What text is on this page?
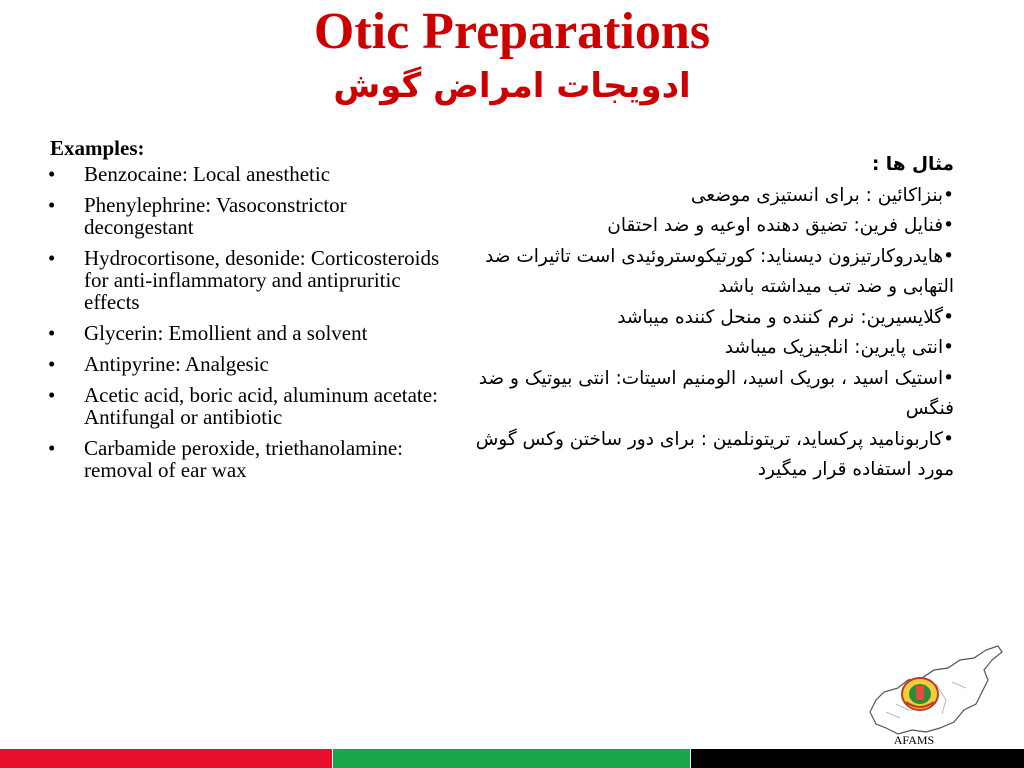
Otic Preparations
ادویجات امراض گوش
Examples:
• Benzocaine: Local anesthetic
• Phenylephrine: Vasoconstrictor decongestant
• Hydrocortisone, desonide: Corticosteroids for anti-inflammatory and antipruritic effects
• Glycerin: Emollient and a solvent
• Antipyrine: Analgesic
• Acetic acid, boric acid, aluminum acetate: Antifungal or antibiotic
• Carbamide peroxide, triethanolamine: removal of ear wax

مثال ها :

•بنزاکائین : برای انستیزی موضعی

•فنایل فرین: تضیق دهنده اوعیه و ضد احتقان

•هایدروکارتیزون دیسناید: کورتیکوستروئیدی است تاثیرات ضد التهابی و ضد تب میداشته باشد

•گلایسیرین: نرم کننده و منحل کننده میباشد

•انتی پایرین: انلجیزیک میباشد

•استیک اسید ، بوریک اسید، الومنیم اسیتات: انتی بیوتیک و ضد فنگس

•کاربونامید پرکساید، تریتونلمین : برای دور ساختن وکس گوش مورد استفاده قرار میگیرد

AFAMS
